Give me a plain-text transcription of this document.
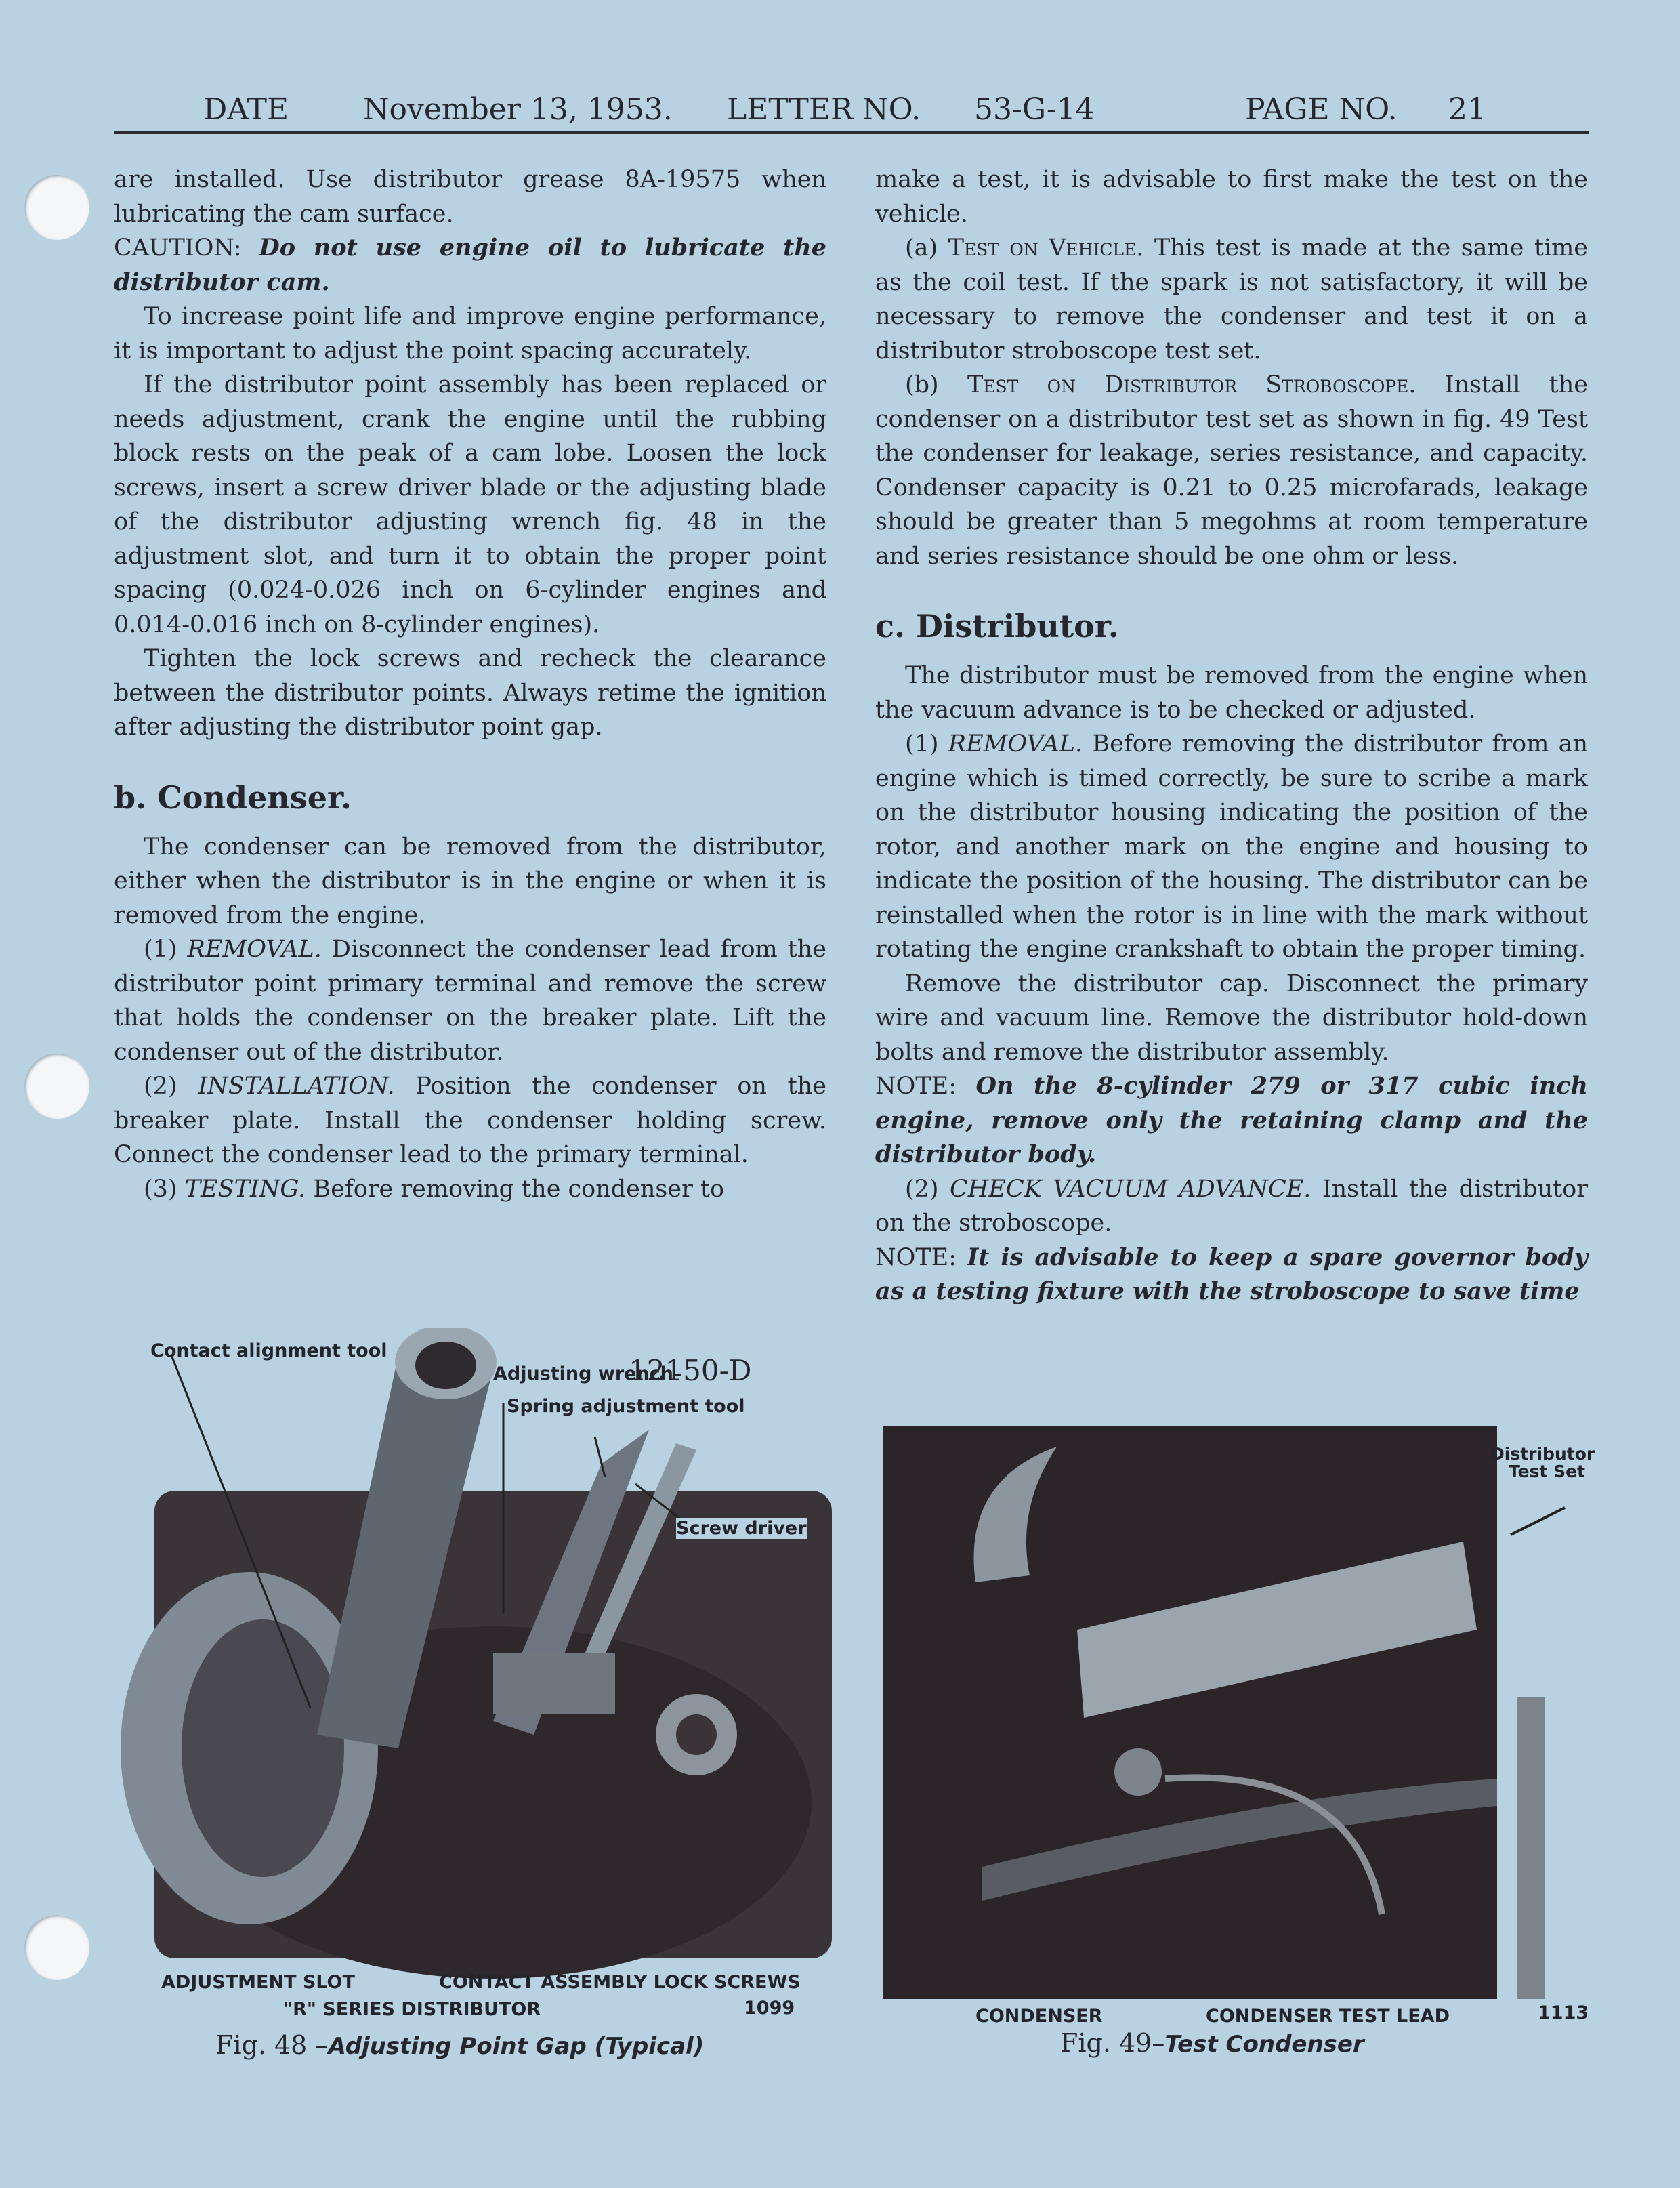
DATE November 13, 1953. LETTER NO. 53-G-14	PAGE NO. 21

are installed. Use distributor grease 8A-19575 when lubricating the cam surface.

CAUTION: Do not use engine oil to lubricate the distributor cam.

To increase point life and improve engine performance, it is important to adjust the point spacing accurately.

If the distributor point assembly has been replaced or needs adjustment, crank the engine until the rubbing block rests on the peak of a cam lobe. Loosen the lock screws, insert a screw driver blade or the adjusting blade of the distributor adjusting wrench fig. 48 in the adjustment slot, and turn it to obtain the proper point spacing (0.024-0.026 inch on 6-cylinder engines and 0.014-0.016 inch on 8-cylinder engines).

Tighten the lock screws and recheck the clearance between the distributor points. Always retime the ignition after adjusting the distributor point gap.

b. Condenser.

The condenser can be removed from the distributor, either when the distributor is in the engine or when it is removed from the engine.

(1) REMOVAL. Disconnect the condenser lead from the distributor point primary terminal and remove the screw that holds the condenser on the breaker plate. Lift the condenser out of the distributor.

(2) INSTALLATION. Position the condenser on the breaker plate. Install the condenser holding screw. Connect the condenser lead to the primary terminal.

(3) TESTING. Before removing the condenser to

make a test, it is advisable to first make the test on the vehicle.

(a) Test on Vehicle. This test is made at the same time as the coil test. If the spark is not satisfactory, it will be necessary to remove the condenser and test it on a distributor stroboscope test set.

(b) Test on Distributor Stroboscope. Install the condenser on a distributor test set as shown in fig. 49 Test the condenser for leakage, series resistance, and capacity. Condenser capacity is 0.21 to 0.25 microfarads, leakage should be greater than 5 megohms at room temperature and series resistance should be one ohm or less.

c. Distributor.

The distributor must be removed from the engine when the vacuum advance is to be checked or adjusted.

(1) REMOVAL. Before removing the distributor from an engine which is timed correctly, be sure to scribe a mark on the distributor housing indicating the position of the rotor, and another mark on the engine and housing to indicate the position of the housing. The distributor can be reinstalled when the rotor is in line with the mark without rotating the engine crankshaft to obtain the proper timing.

Remove the distributor cap. Disconnect the primary wire and vacuum line. Remove the distributor hold-down bolts and remove the distributor assembly.

NOTE: On the 8-cylinder 279 or 317 cubic inch engine, remove only the retaining clamp and the distributor body.

(2) CHECK VACUUM ADVANCE. Install the distributor on the stroboscope.

NOTE: It is advisable to keep a spare governor body as a testing fixture with the stroboscope to save time

Contact alignment tool
Adjusting wrench–
12150-D
Spring adjustment tool
Screw driver
ADJUSTMENT SLOT	CONTACT ASSEMBLY LOCK SCREWS
"R" SERIES DISTRIBUTOR	1099
Fig. 48 –Adjusting Point Gap (Typical)
Distributor Test Set
CONDENSER	CONDENSER TEST LEAD	1113
Fig. 49–Test Condenser
